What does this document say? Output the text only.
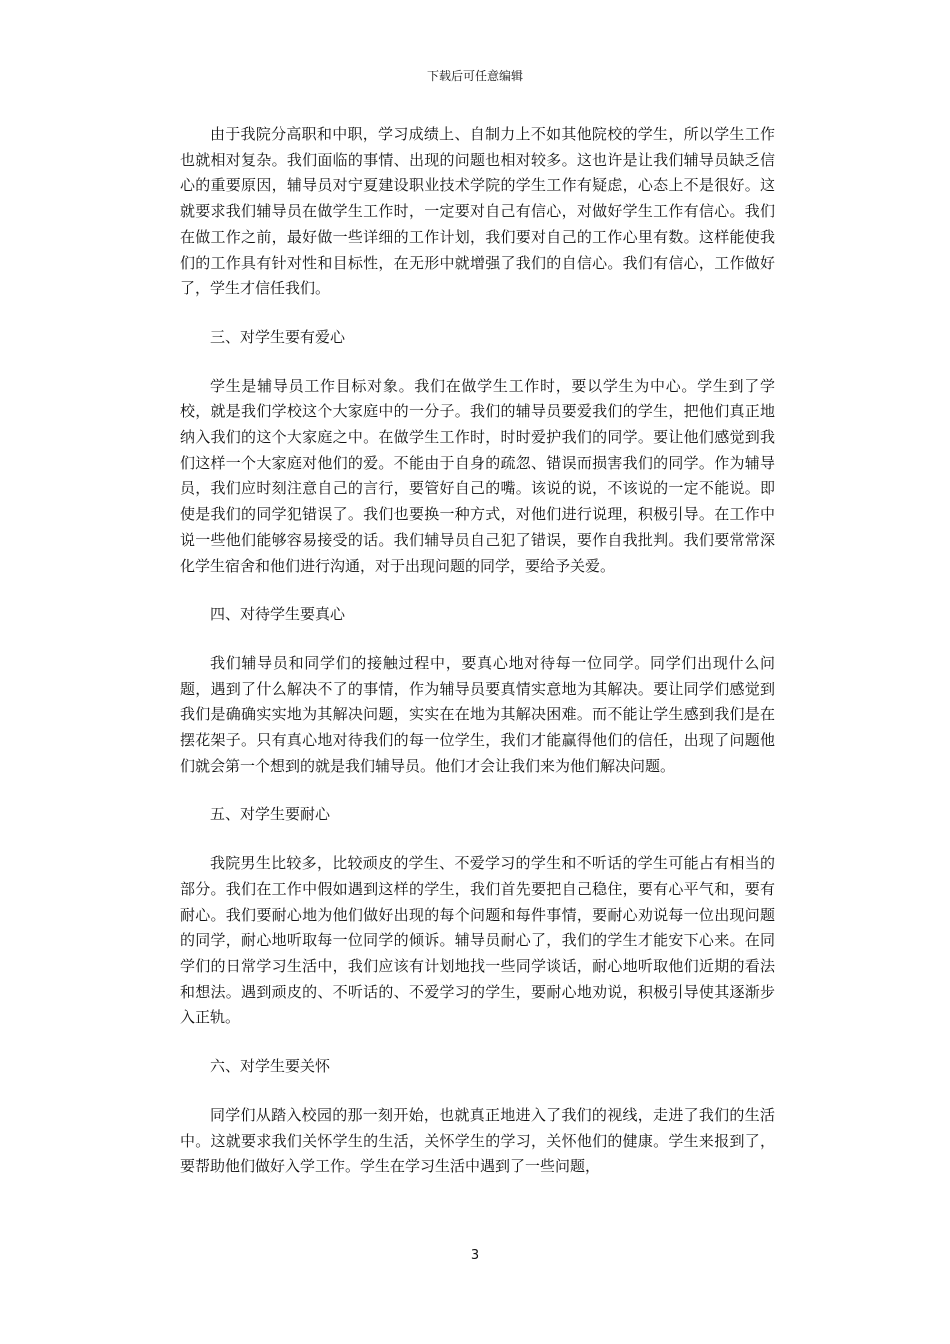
下载后可任意编辑

由于我院分高职和中职，学习成绩上、自制力上不如其他院校的学生，所以学生工作也就相对复杂。我们面临的事情、出现的问题也相对较多。这也许是让我们辅导员缺乏信心的重要原因，辅导员对宁夏建设职业技术学院的学生工作有疑虑，心态上不是很好。这就要求我们辅导员在做学生工作时，一定要对自己有信心，对做好学生工作有信心。我们在做工作之前，最好做一些详细的工作计划，我们要对自己的工作心里有数。这样能使我们的工作具有针对性和目标性，在无形中就增强了我们的自信心。我们有信心，工作做好了，学生才信任我们。

三、对学生要有爱心

学生是辅导员工作目标对象。我们在做学生工作时，要以学生为中心。学生到了学校，就是我们学校这个大家庭中的一分子。我们的辅导员要爱我们的学生，把他们真正地纳入我们的这个大家庭之中。在做学生工作时，时时爱护我们的同学。要让他们感觉到我们这样一个大家庭对他们的爱。不能由于自身的疏忽、错误而损害我们的同学。作为辅导员，我们应时刻注意自己的言行，要管好自己的嘴。该说的说，不该说的一定不能说。即使是我们的同学犯错误了。我们也要换一种方式，对他们进行说理，积极引导。在工作中说一些他们能够容易接受的话。我们辅导员自己犯了错误，要作自我批判。我们要常常深化学生宿舍和他们进行沟通，对于出现问题的同学，要给予关爱。

四、对待学生要真心

我们辅导员和同学们的接触过程中，要真心地对待每一位同学。同学们出现什么问题，遇到了什么解决不了的事情，作为辅导员要真情实意地为其解决。要让同学们感觉到我们是确确实实地为其解决问题，实实在在地为其解决困难。而不能让学生感到我们是在摆花架子。只有真心地对待我们的每一位学生，我们才能赢得他们的信任，出现了问题他们就会第一个想到的就是我们辅导员。他们才会让我们来为他们解决问题。

五、对学生要耐心

我院男生比较多，比较顽皮的学生、不爱学习的学生和不听话的学生可能占有相当的部分。我们在工作中假如遇到这样的学生，我们首先要把自己稳住，要有心平气和，要有耐心。我们要耐心地为他们做好出现的每个问题和每件事情，要耐心劝说每一位出现问题的同学，耐心地听取每一位同学的倾诉。辅导员耐心了，我们的学生才能安下心来。在同学们的日常学习生活中，我们应该有计划地找一些同学谈话，耐心地听取他们近期的看法和想法。遇到顽皮的、不听话的、不爱学习的学生，要耐心地劝说，积极引导使其逐渐步入正轨。

六、对学生要关怀

同学们从踏入校园的那一刻开始，也就真正地进入了我们的视线，走进了我们的生活中。这就要求我们关怀学生的生活，关怀学生的学习，关怀他们的健康。学生来报到了，要帮助他们做好入学工作。学生在学习生活中遇到了一些问题，

3
